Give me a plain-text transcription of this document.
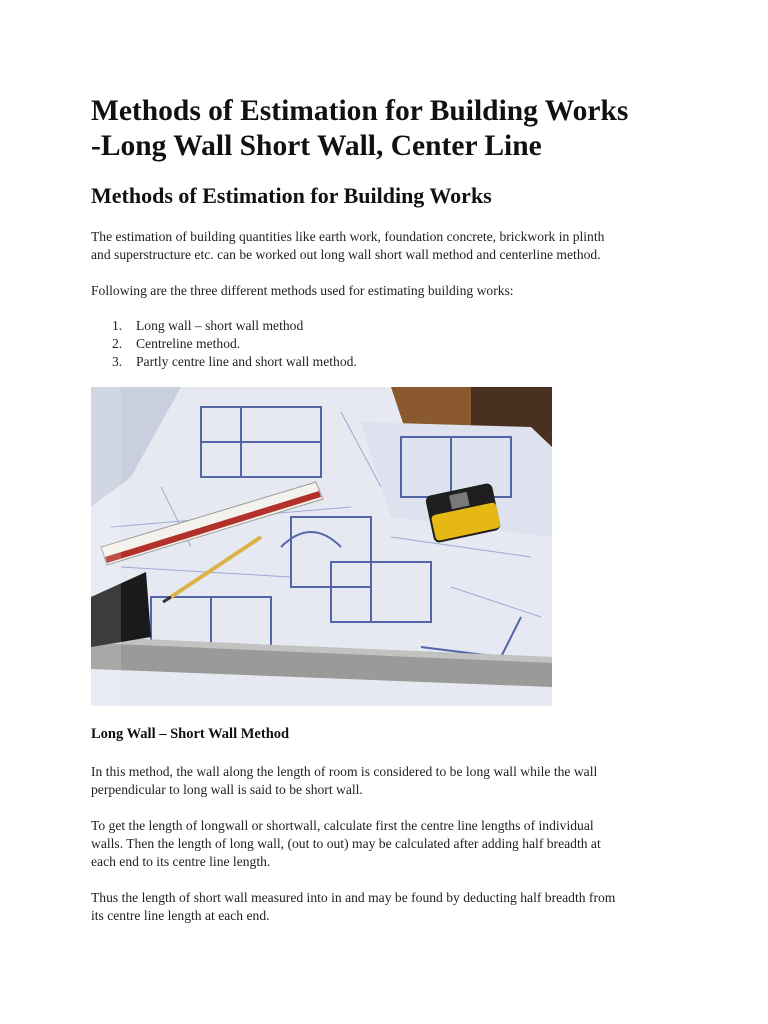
Methods of Estimation for Building Works
-Long Wall Short Wall, Center Line
Methods of Estimation for Building Works

The estimation of building quantities like earth work, foundation concrete, brickwork in plinth
and superstructure etc. can be worked out long wall short wall method and centerline method.

Following are the three different methods used for estimating building works:

1. Long wall – short wall method
2. Centreline method.
3. Partly centre line and short wall method.
Long Wall – Short Wall Method

In this method, the wall along the length of room is considered to be long wall while the wall
perpendicular to long wall is said to be short wall.

To get the length of longwall or shortwall, calculate first the centre line lengths of individual
walls. Then the length of long wall, (out to out) may be calculated after adding half breadth at
each end to its centre line length.

Thus the length of short wall measured into in and may be found by deducting half breadth from
its centre line length at each end.
